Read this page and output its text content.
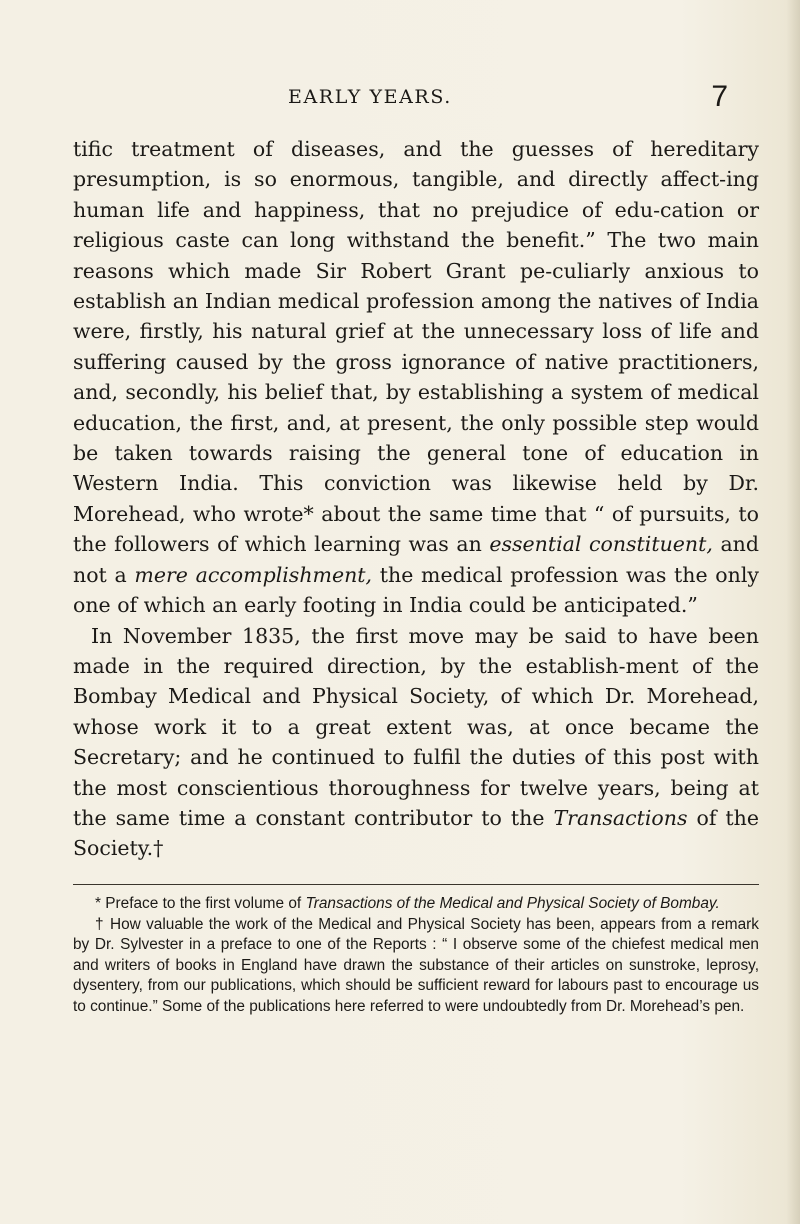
EARLY YEARS.	7

tific treatment of diseases, and the guesses of hereditary presumption, is so enormous, tangible, and directly affect-ing human life and happiness, that no prejudice of edu-cation or religious caste can long withstand the benefit.” The two main reasons which made Sir Robert Grant pe-culiarly anxious to establish an Indian medical profession among the natives of India were, firstly, his natural grief at the unnecessary loss of life and suffering caused by the gross ignorance of native practitioners, and, secondly, his belief that, by establishing a system of medical education, the first, and, at present, the only possible step would be taken towards raising the general tone of education in Western India. This conviction was likewise held by Dr. Morehead, who wrote* about the same time that “ of pursuits, to the followers of which learning was an essential constituent, and not a mere accomplishment, the medical profession was the only one of which an early footing in India could be anticipated.”

In November 1835, the first move may be said to have been made in the required direction, by the establish-ment of the Bombay Medical and Physical Society, of which Dr. Morehead, whose work it to a great extent was, at once became the Secretary; and he continued to fulfil the duties of this post with the most conscientious thoroughness for twelve years, being at the same time a constant contributor to the Transactions of the Society.†

* Preface to the first volume of Transactions of the Medical and Physical Society of Bombay.

† How valuable the work of the Medical and Physical Society has been, appears from a remark by Dr. Sylvester in a preface to one of the Reports : “ I observe some of the chiefest medical men and writers of books in England have drawn the substance of their articles on sunstroke, leprosy, dysentery, from our publications, which should be sufficient reward for labours past to encourage us to continue.” Some of the publications here referred to were undoubtedly from Dr. Morehead’s pen.
